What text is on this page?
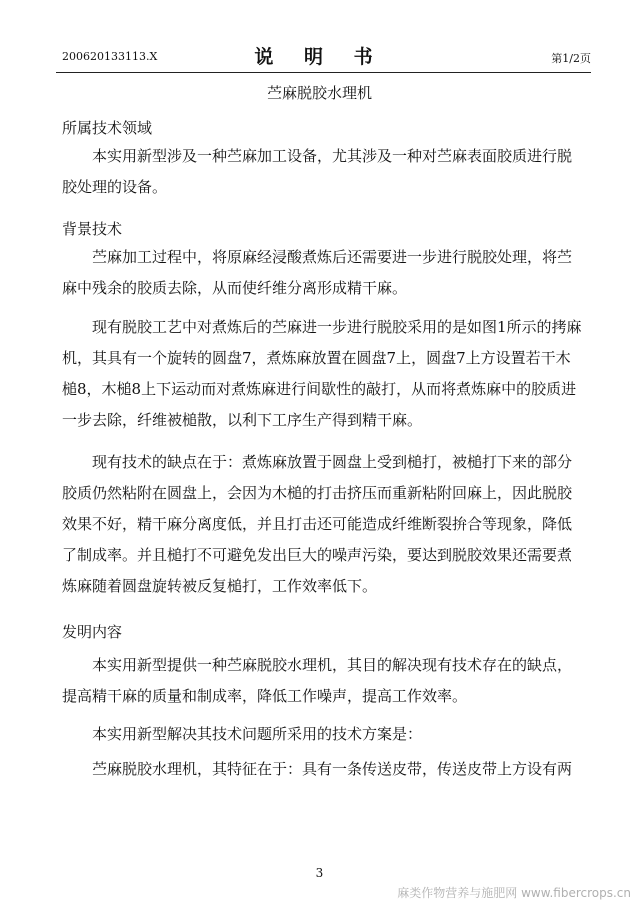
200620133113.X	说 明 书	第1/2页
苎麻脱胶水理机
所属技术领域
本实用新型涉及一种苎麻加工设备，尤其涉及一种对苎麻表面胶质进行脱胶处理的设备。
背景技术
苎麻加工过程中，将原麻经浸酸煮炼后还需要进一步进行脱胶处理，将苎麻中残余的胶质去除，从而使纤维分离形成精干麻。
现有脱胶工艺中对煮炼后的苎麻进一步进行脱胶采用的是如图1所示的拷麻机，其具有一个旋转的圆盘7，煮炼麻放置在圆盘7上，圆盘7上方设置若干木槌8，木槌8上下运动而对煮炼麻进行间歇性的敲打，从而将煮炼麻中的胶质进一步去除，纤维被槌散，以利下工序生产得到精干麻。
现有技术的缺点在于：煮炼麻放置于圆盘上受到槌打，被槌打下来的部分胶质仍然粘附在圆盘上，会因为木槌的打击挤压而重新粘附回麻上，因此脱胶效果不好，精干麻分离度低，并且打击还可能造成纤维断裂拚合等现象，降低了制成率。并且槌打不可避免发出巨大的噪声污染，要达到脱胶效果还需要煮炼麻随着圆盘旋转被反复槌打，工作效率低下。
发明内容
本实用新型提供一种苎麻脱胶水理机，其目的解决现有技术存在的缺点，提高精干麻的质量和制成率，降低工作噪声，提高工作效率。
本实用新型解决其技术问题所采用的技术方案是：
苎麻脱胶水理机，其特征在于：具有一条传送皮带，传送皮带上方设有两
3
麻类作物营养与施肥网 www.fibercrops.cn
